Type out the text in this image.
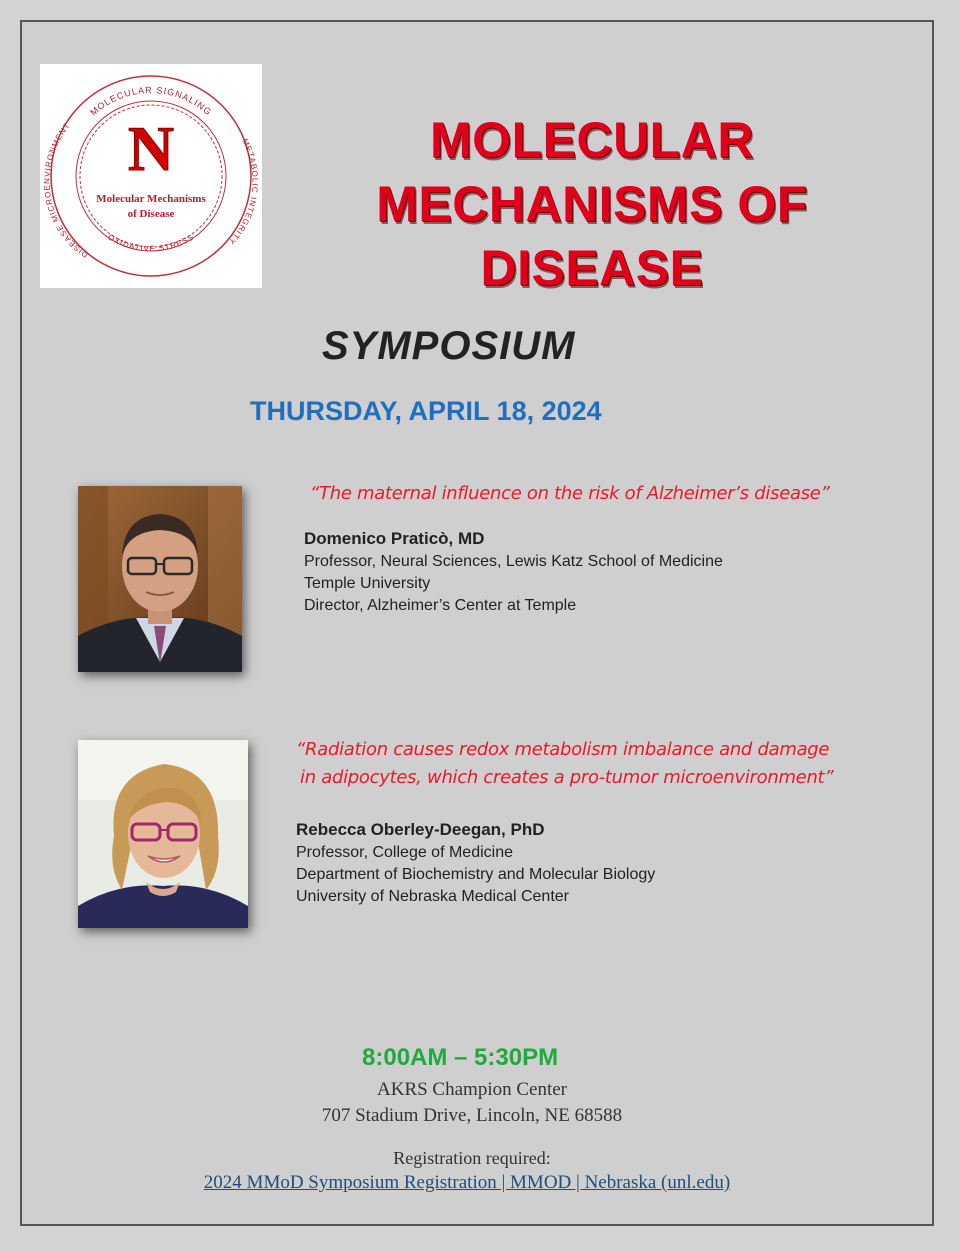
MOLECULAR SIGNALING
METABOLIC INTEGRITY
OXIDATIVE STRESS
DISEASE MICROENVIRONMENT N
Molecular Mechanisms
of Disease
MOLECULAR
MECHANISMS OF
DISEASE
SYMPOSIUM
THURSDAY, APRIL 18, 2024
“The maternal influence on the risk of Alzheimer’s disease”
Domenico Praticò, MD
Professor, Neural Sciences, Lewis Katz School of Medicine
Temple University
Director, Alzheimer’s Center at Temple
“Radiation causes redox metabolism imbalance and damage
in adipocytes, which creates a pro-tumor microenvironment”
Rebecca Oberley-Deegan, PhD
Professor, College of Medicine
Department of Biochemistry and Molecular Biology
University of Nebraska Medical Center
8:00AM – 5:30PM
AKRS Champion Center
707 Stadium Drive, Lincoln, NE 68588
Registration required:
2024 MMoD Symposium Registration | MMOD | Nebraska (unl.edu)
